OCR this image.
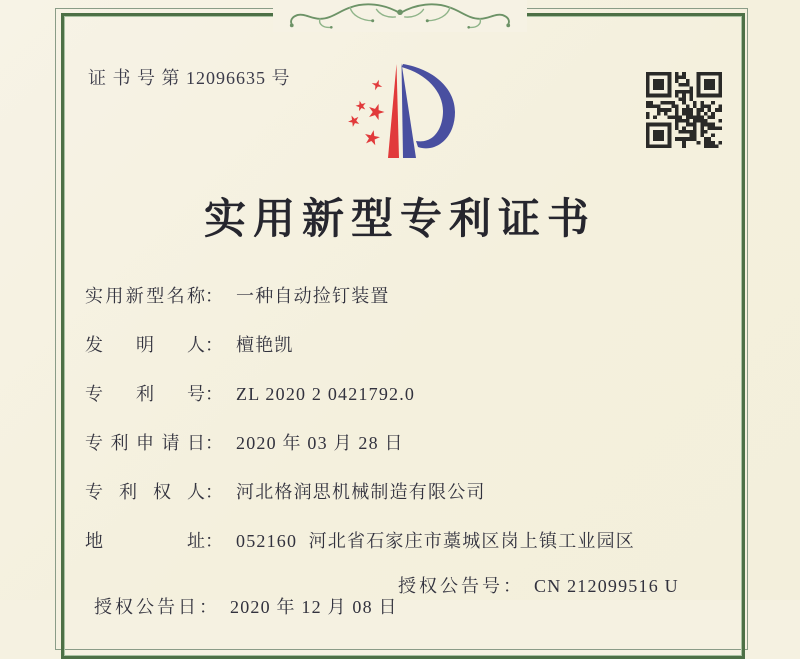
证 书 号 第 12096635 号
实用新型专利证书
实用新型名称： 一种自动捡钉装置
发明人： 檀艳凯
专利号： ZL 2020 2 0421792.0
专利申请日： 2020 年 03 月 28 日
专利权人： 河北格润思机械制造有限公司
地址： 052160  河北省石家庄市藁城区岗上镇工业园区

授权公告日： 2020 年 12 月 08 日

授权公告号： CN 212099516 U
